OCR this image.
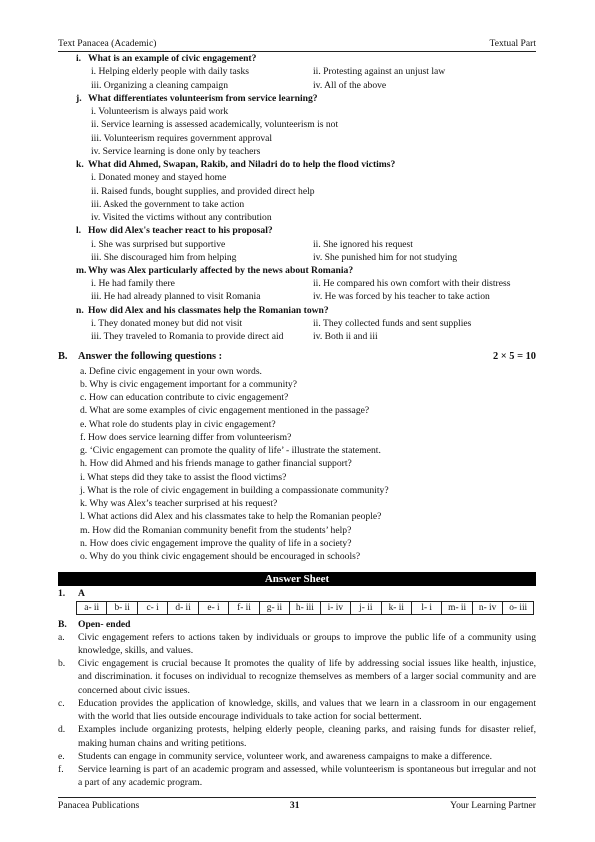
Text Panacea (Academic)	Textual Part
i. What is an example of civic engagement?
i. Helping elderly people with daily tasks	ii. Protesting against an unjust law
iii. Organizing a cleaning campaign	iv. All of the above
j. What differentiates volunteerism from service learning?
i. Volunteerism is always paid work
ii. Service learning is assessed academically, volunteerism is not
iii. Volunteerism requires government approval
iv. Service learning is done only by teachers
k. What did Ahmed, Swapan, Rakib, and Niladri do to help the flood victims?
i. Donated money and stayed home
ii. Raised funds, bought supplies, and provided direct help
iii. Asked the government to take action
iv. Visited the victims without any contribution
l. How did Alex's teacher react to his proposal?
i. She was surprised but supportive	ii. She ignored his request
iii. She discouraged him from helping	iv. She punished him for not studying
m. Why was Alex particularly affected by the news about Romania?
i. He had family there	ii. He compared his own comfort with their distress
iii. He had already planned to visit Romania	iv. He was forced by his teacher to take action
n. How did Alex and his classmates help the Romanian town?
i. They donated money but did not visit	ii. They collected funds and sent supplies
iii. They traveled to Romania to provide direct aid	iv. Both ii and iii
B.	Answer the following questions :	2 × 5 = 10
a. Define civic engagement in your own words.
b. Why is civic engagement important for a community?
c. How can education contribute to civic engagement?
d. What are some examples of civic engagement mentioned in the passage?
e. What role do students play in civic engagement?
f. How does service learning differ from volunteerism?
g. ‘Civic engagement can promote the quality of life’ - illustrate the statement.
h. How did Ahmed and his friends manage to gather financial support?
i. What steps did they take to assist the flood victims?
j. What is the role of civic engagement in building a compassionate community?
k. Why was Alex’s teacher surprised at his request?
l. What actions did Alex and his classmates take to help the Romanian people?
m. How did the Romanian community benefit from the students’ help?
n. How does civic engagement improve the quality of life in a society?
o. Why do you think civic engagement should be encouraged in schools?
Answer Sheet
1.	A
a- ii	b- ii	c- i	d- ii	e- i	f- ii	g- ii	h- iii	i- iv	j- ii	k- ii	l- i	m- ii	n- iv	o- iii
B.	Open- ended
a.	Civic engagement refers to actions taken by individuals or groups to improve the public life of a community using knowledge, skills, and values.
b.	Civic engagement is crucial because It promotes the quality of life by addressing social issues like health, injustice, and discrimination. it focuses on individual to recognize themselves as members of a larger social community and are concerned about civic issues.
c.	Education provides the application of knowledge, skills, and values that we learn in a classroom in our engagement with the world that lies outside encourage individuals to take action for social betterment.
d.	Examples include organizing protests, helping elderly people, cleaning parks, and raising funds for disaster relief, making human chains and writing petitions.
e.	Students can engage in community service, volunteer work, and awareness campaigns to make a difference.
f.	Service learning is part of an academic program and assessed, while volunteerism is spontaneous but irregular and not a part of any academic program.
Panacea Publications	31	Your Learning Partner
